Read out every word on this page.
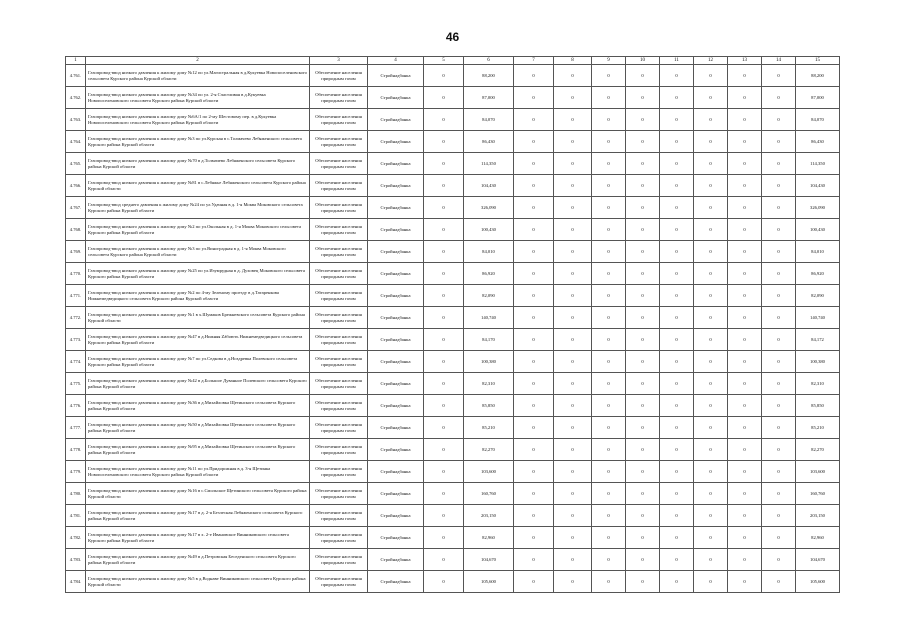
46
1	2	3	4	5	6	7	8	9	10	11	12	13	14	15
4.761.	Газопровод-ввод низкого давления к жилому дому №12 по ул.Магистральная в д.Кукуевка Новопоселеновского сельсовета Курского района Курской области	Обеспечение населения природным газом	Стройнадбанка	0	88,200	0	0	0	0	0	0	0	0	88,200
4.762.	Газопровод-ввод низкого давления к жилому дому №34 по ул. 2-я Счастливая в д.Кукуевка Новопоселеновского сельсовета Курского района Курской области	Обеспечение населения природным газом	Стройнадбанка	0	87,000	0	0	0	0	0	0	0	0	87,000
4.763.	Газопровод-ввод низкого давления к жилому дому №6А/1 по 2-му Шестовому пер. в д.Кукуевка Новопоселеновского сельсовета Курского района Курской области	Обеспечение населения природным газом	Стройнадбанка	0	84,070	0	0	0	0	0	0	0	0	84,070
4.764.	Газопровод-ввод низкого давления к жилому дому №3 по ул.Курская в с.Толмачево Лебяженского сельсовета Курского района Курской области	Обеспечение населения природным газом	Стройнадбанка	0	86,430	0	0	0	0	0	0	0	0	86,430
4.765.	Газопровод-ввод низкого давления к жилому дому №70 в д.Толмачево Лебяженского сельсовета Курского района Курской области	Обеспечение населения природным газом	Стройнадбанка	0	114,350	0	0	0	0	0	0	0	0	114,350
4.766.	Газопровод-ввод низкого давления к жилому дому №81 в с.Лебяжье Лебяженского сельсовета Курского района Курской области	Обеспечение населения природным газом	Стройнадбанка	0	104,430	0	0	0	0	0	0	0	0	104,430
4.767.	Газопровод-ввод среднего давления к жилому дому №24 по ул.Удачная в д. 1-я Моква Моковского сельсовета Курского района Курской области	Обеспечение населения природным газом	Стройнадбанка	0	326,090	0	0	0	0	0	0	0	0	326,090
4.768.	Газопровод-ввод низкого давления к жилому дому №2 по ул.Окольная в д. 1-я Моква Моковского сельсовета Курского района Курской области	Обеспечение населения природным газом	Стройнадбанка	0	100,430	0	0	0	0	0	0	0	0	100,430
4.769.	Газопровод-ввод низкого давления к жилому дому №3 по ул.Виноградная в д. 1-я Моква Моковского сельсовета Курского района Курской области	Обеспечение населения природным газом	Стройнадбанка	0	84,010	0	0	0	0	0	0	0	0	84,010
4.770.	Газопровод-ввод низкого давления к жилому дому №25 по ул.Изумрудная в д. Духовец Моковского сельсовета Курского района Курской области	Обеспечение населения природным газом	Стройнадбанка	0	86,920	0	0	0	0	0	0	0	0	86,920
4.771.	Газопровод-ввод низкого давления к жилому дому №2 по 4-му Зеленому проезду в д.Татаренкова Нижнемедведицкого сельсовета Курского района Курской области	Обеспечение населения природным газом	Стройнадбанка	0	82,090	0	0	0	0	0	0	0	0	82,090
4.772.	Газопровод-ввод низкого давления к жилому дому №1 в х.Шумаков Брежневского сельсовета Курского района Курской области	Обеспечение населения природным газом	Стройнадбанка	0	140,740	0	0	0	0	0	0	0	0	140,740
4.773.	Газопровод-ввод низкого давления к жилому дому №47 в д.Нижняя Záбоють Нижнемедведицкого сельсовета Курского района Курской области	Обеспечение населения природным газом	Стройнадбанка	0	84,170	0	0	0	0	0	0	0	0	84,172
4.774.	Газопровод-ввод низкого давления к жилому дому №7 по ул.Седкова в д.Ноздревка Полевского сельсовета Курского района Курской области	Обеспечение населения природным газом	Стройнадбанка	0	100,380	0	0	0	0	0	0	0	0	100,380
4.775.	Газопровод-ввод низкого давления к жилому дому №42 в д.Большое Дуванное Полевского сельсовета Курского района Курской области	Обеспечение населения природным газом	Стройнадбанка	0	82,310	0	0	0	0	0	0	0	0	82,310
4.776.	Газопровод-ввод низкого давления к жилому дому №36 в д.Михайловка Щетинского сельсовета Курского района Курской области	Обеспечение населения природным газом	Стройнадбанка	0	85,850	0	0	0	0	0	0	0	0	85,850
4.777.	Газопровод-ввод низкого давления к жилому дому №50 в д.Михайловка Щетинского сельсовета Курского района Курской области	Обеспечение населения природным газом	Стройнадбанка	0	85,210	0	0	0	0	0	0	0	0	85,210
4.778.	Газопровод-ввод низкого давления к жилому дому №95 в д.Михайловка Щетинского сельсовета Курского района Курской области	Обеспечение населения природным газом	Стройнадбанка	0	82,270	0	0	0	0	0	0	0	0	82,270
4.779.	Газопровод-ввод низкого давления к жилому дому №11 по ул.Придорожная в д. 3-я Щетинка Новопоселеновского сельсовета Курского района Курской области	Обеспечение населения природным газом	Стройнадбанка	0	103,600	0	0	0	0	0	0	0	0	103,600
4.780.	Газопровод-ввод низкого давления к жилому дому №16 в с.Смольское Щетинского сельсовета Курского района Курской области	Обеспечение населения природным газом	Стройнадбанка	0	160,760	0	0	0	0	0	0	0	0	160,760
4.781.	Газопровод-ввод низкого давления к жилому дому №17 в д. 2-я Безлесная Лебяженского сельсовета Курского района Курской области	Обеспечение населения природным газом	Стройнадбанка	0	203,150	0	0	0	0	0	0	0	0	203,150
4.782.	Газопровод-ввод низкого давления к жилому дому №17 в х. 2-е Ивановское Винниковского сельсовета Курского района Курской области	Обеспечение населения природным газом	Стройнадбанка	0	82,960	0	0	0	0	0	0	0	0	82,960
4.783.	Газопровод-ввод низкого давления к жилому дому №49 в д.Петровская Беседенского сельсовета Курского района Курской области	Обеспечение населения природным газом	Стройнадбанка	0	104,670	0	0	0	0	0	0	0	0	104,670
4.784.	Газопровод-ввод низкого давления к жилому дому №5 в д.Воднаве Винниковского сельсовета Курского района Курской области	Обеспечение населения природным газом	Стройнадбанка	0	105,600	0	0	0	0	0	0	0	0	105,600
